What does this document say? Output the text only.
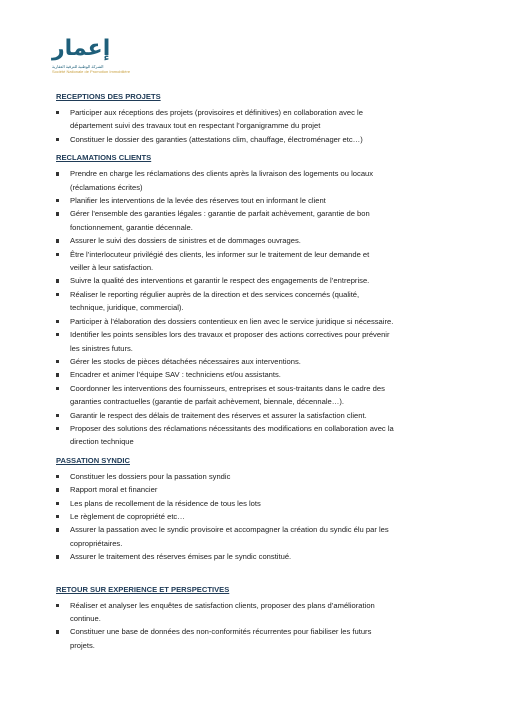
إعمار
الشركة الوطنية للترقية العقارية
Société Nationale de Promotion Immobilière
RECEPTIONS DES PROJETS
Participer aux réceptions des projets (provisoires et définitives) en collaboration avec le
département suivi des travaux tout en respectant l’organigramme du projet
Constituer le dossier des garanties (attestations clim, chauffage, électroménager etc…)
RECLAMATIONS CLIENTS
Prendre en charge les réclamations des clients après la livraison des logements ou locaux
(réclamations écrites)
Planifier les interventions de la levée des réserves tout en informant le client
Gérer l’ensemble des garanties légales : garantie de parfait achèvement, garantie de bon
fonctionnement, garantie décennale.
Assurer le suivi des dossiers de sinistres et de dommages ouvrages.
Être l’interlocuteur privilégié des clients, les informer sur le traitement de leur demande et
veiller à leur satisfaction.
Suivre la qualité des interventions et garantir le respect des engagements de l’entreprise.
Réaliser le reporting régulier auprès de la direction et des services concernés (qualité,
technique, juridique, commercial).
Participer à l’élaboration des dossiers contentieux en lien avec le service juridique si nécessaire.
Identifier les points sensibles lors des travaux et proposer des actions correctives pour prévenir
les sinistres futurs.
Gérer les stocks de pièces détachées nécessaires aux interventions.
Encadrer et animer l’équipe SAV : techniciens et/ou assistants.
Coordonner les interventions des fournisseurs, entreprises et sous-traitants dans le cadre des
garanties contractuelles (garantie de parfait achèvement, biennale, décennale…).
Garantir le respect des délais de traitement des réserves et assurer la satisfaction client.
Proposer des solutions des réclamations nécessitants des modifications en collaboration avec la
direction technique
PASSATION SYNDIC
Constituer les dossiers pour la passation syndic
Rapport moral et financier
Les plans de recollement de la résidence de tous les lots
Le règlement de copropriété etc…
Assurer la passation avec le syndic provisoire et accompagner la création du syndic élu par les
copropriétaires.
Assurer le traitement des réserves émises par le syndic constitué.
RETOUR SUR EXPERIENCE ET PERSPECTIVES
Réaliser et analyser les enquêtes de satisfaction clients, proposer des plans d’amélioration
continue.
Constituer une base de données des non-conformités récurrentes pour fiabiliser les futurs
projets.
